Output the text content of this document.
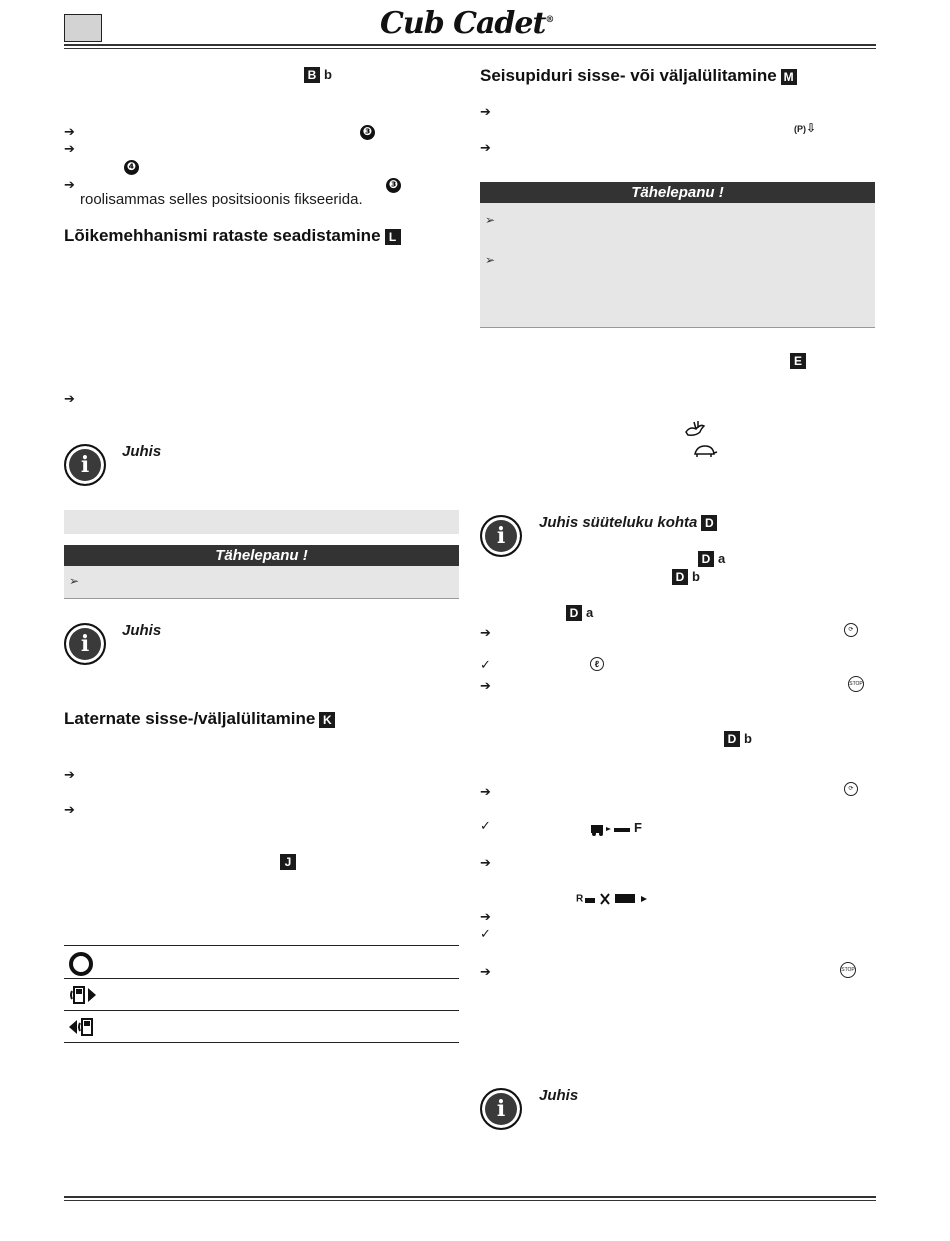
Cub Cadet®
B b
➔	❸
➔
❹
➔	❸
roolisammas selles positsioonis fikseerida.
Lõikemehhanismi rataste seadistamine L
➔
i
Juhis
Tähelepanu !
➢
i
Juhis
Laternate sisse-/väljalülitamine K
➔
➔
J
Seisupiduri sisse- või väljalülitamine M
➔
(P)⇩
➔
Tähelepanu !
➢
➢
E
i
Juhis süüteluku kohta D
D a
D b
D a
➔	⟳
✓	ℓ
➔	STOP
D b
➔	⟳
✓	F
➔
R
➔
✓
➔	STOP
i
Juhis
